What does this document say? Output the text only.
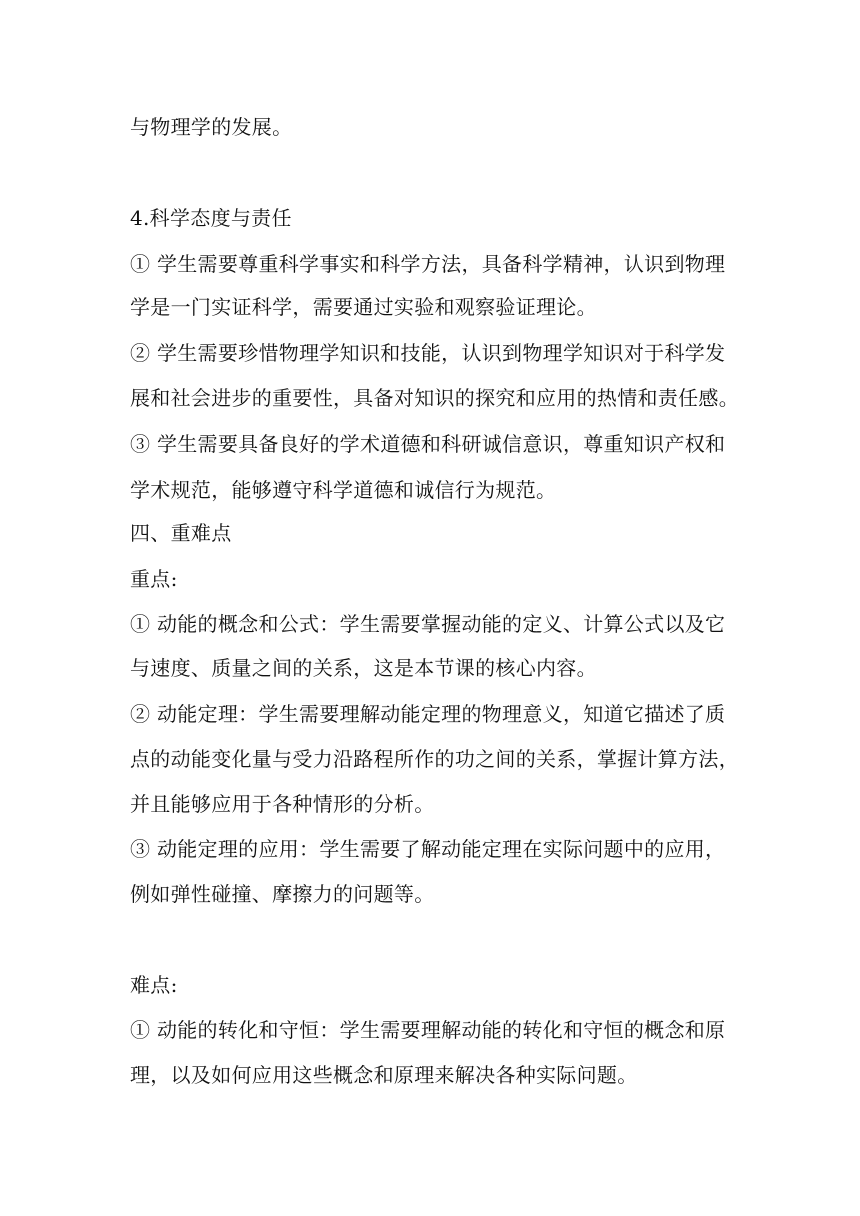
与物理学的发展。
4.科学态度与责任
① 学生需要尊重科学事实和科学方法，具备科学精神，认识到物理
学是一门实证科学，需要通过实验和观察验证理论。
② 学生需要珍惜物理学知识和技能，认识到物理学知识对于科学发
展和社会进步的重要性，具备对知识的探究和应用的热情和责任感。
③ 学生需要具备良好的学术道德和科研诚信意识，尊重知识产权和
学术规范，能够遵守科学道德和诚信行为规范。
四、重难点
重点:
① 动能的概念和公式：学生需要掌握动能的定义、计算公式以及它
与速度、质量之间的关系，这是本节课的核心内容。
② 动能定理：学生需要理解动能定理的物理意义，知道它描述了质
点的动能变化量与受力沿路程所作的功之间的关系，掌握计算方法，
并且能够应用于各种情形的分析。
③ 动能定理的应用：学生需要了解动能定理在实际问题中的应用，
例如弹性碰撞、摩擦力的问题等。
难点:
① 动能的转化和守恒：学生需要理解动能的转化和守恒的概念和原
理，以及如何应用这些概念和原理来解决各种实际问题。
